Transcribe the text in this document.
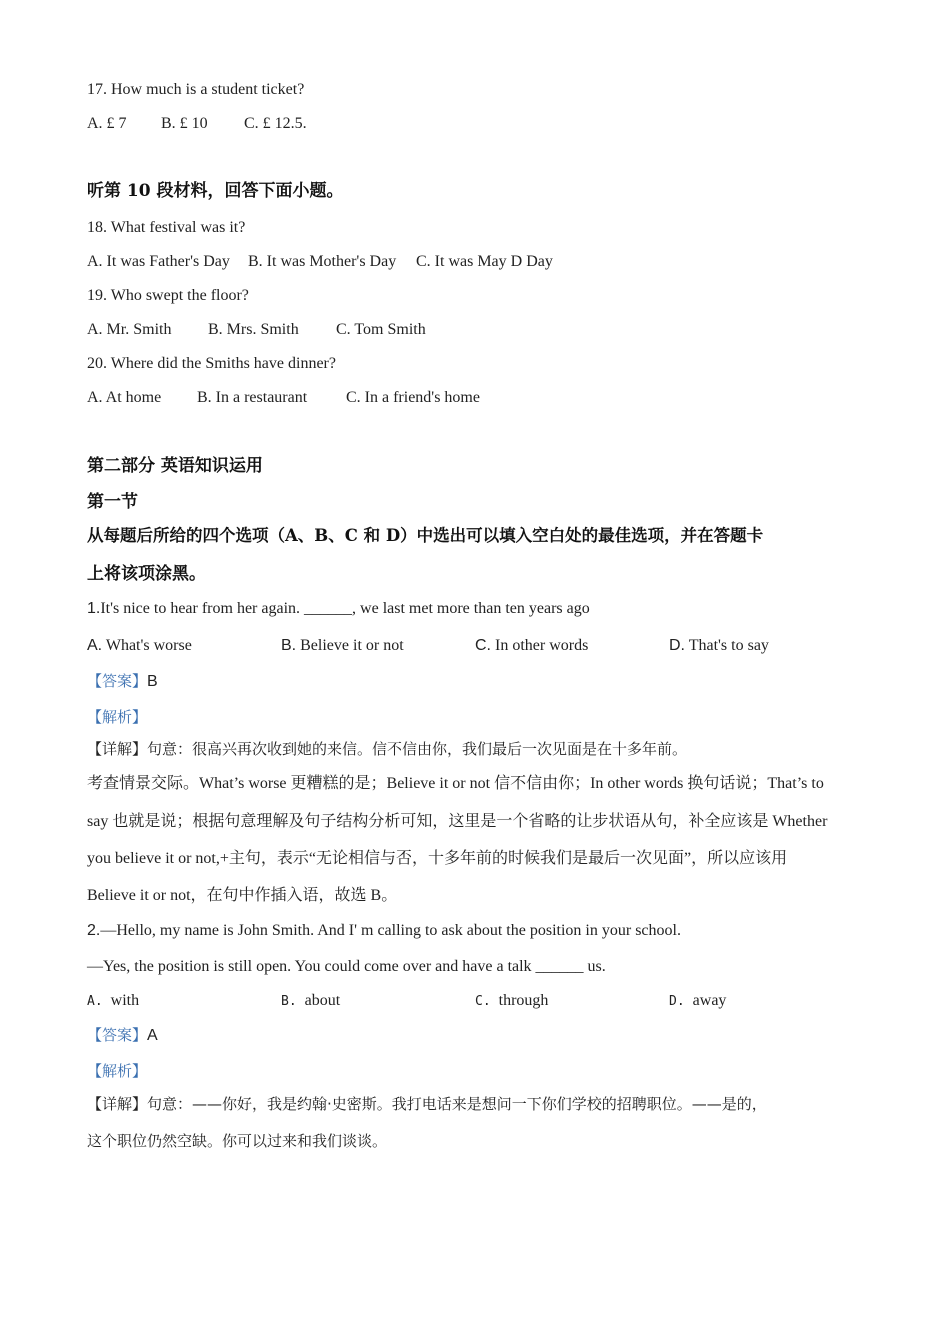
17. How much is a student ticket?
A. £ 7 B. £ 10 C. £ 12.5.
听第 10 段材料，回答下面小题。
18. What festival was it?
A. It was Father's Day B. It was Mother's Day C. It was May D Day
19. Who swept the floor?
A. Mr. Smith B. Mrs. Smith C. Tom Smith
20. Where did the Smiths have dinner?
A. At home B. In a restaurant C. In a friend's home
第二部分 英语知识运用
第一节
从每题后所给的四个选项（A、B、C 和 D）中选出可以填入空白处的最佳选项，并在答题卡
上将该项涂黑。
1.It's nice to hear from her again. ______, we last met more than ten years ago
A. What's worse	B. Believe it or not	C. In other words	D. That's to say
【答案】B
【解析】
【详解】句意：很高兴再次收到她的来信。信不信由你，我们最后一次见面是在十多年前。
考查情景交际。What’s worse 更糟糕的是；Believe it or not 信不信由你；In other words 换句话说；That’s to
say 也就是说；根据句意理解及句子结构分析可知，这里是一个省略的让步状语从句，补全应该是 Whether
you believe it or not,+主句，表示“无论相信与否，十多年前的时候我们是最后一次见面”，所以应该用
Believe it or not，在句中作插入语，故选 B。
2.—Hello, my name is John Smith. And I' m calling to ask about the position in your school.
—Yes, the position is still open. You could come over and have a talk ______ us.
A. with	B. about	C. through	D. away
【答案】A
【解析】
【详解】句意：——你好，我是约翰·史密斯。我打电话来是想问一下你们学校的招聘职位。——是的，
这个职位仍然空缺。你可以过来和我们谈谈。
